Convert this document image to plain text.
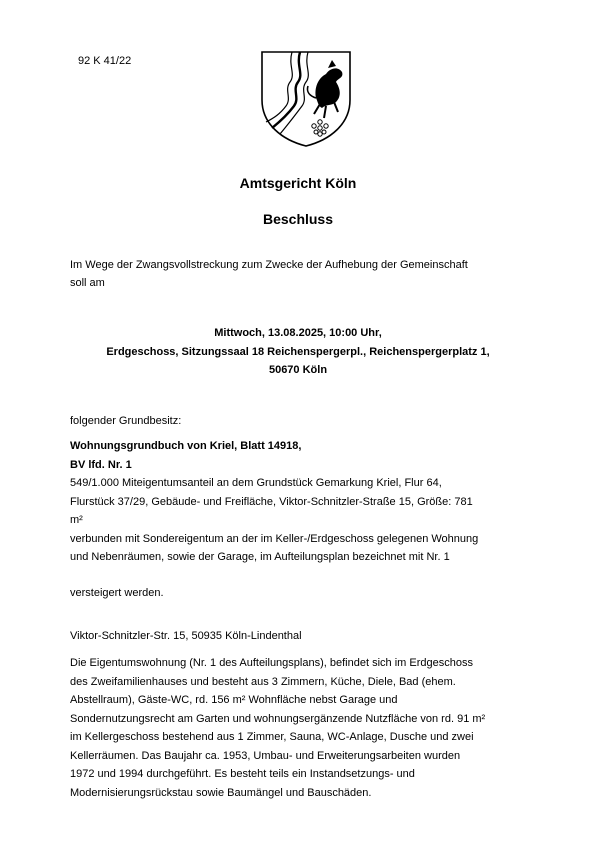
92 K 41/22
Amtsgericht Köln
Beschluss
Im Wege der Zwangsvollstreckung zum Zwecke der Aufhebung der Gemeinschaft
soll am
Mittwoch, 13.08.2025, 10:00 Uhr,
Erdgeschoss, Sitzungssaal 18 Reichenspergerpl., Reichenspergerplatz 1,
50670 Köln
folgender Grundbesitz:
Wohnungsgrundbuch von Kriel, Blatt 14918,
BV lfd. Nr. 1
549/1.000 Miteigentumsanteil an dem Grundstück Gemarkung Kriel, Flur 64,
Flurstück 37/29, Gebäude- und Freifläche, Viktor-Schnitzler-Straße 15, Größe: 781
m²
verbunden mit Sondereigentum an der im Keller-/Erdgeschoss gelegenen Wohnung
und Nebenräumen, sowie der Garage, im Aufteilungsplan bezeichnet mit Nr. 1
versteigert werden.
Viktor-Schnitzler-Str. 15, 50935 Köln-Lindenthal
Die Eigentumswohnung (Nr. 1 des Aufteilungsplans), befindet sich im Erdgeschoss
des Zweifamilienhauses und besteht aus 3 Zimmern, Küche, Diele, Bad (ehem.
Abstellraum), Gäste-WC, rd. 156 m² Wohnfläche nebst Garage und
Sondernutzungsrecht am Garten und wohnungsergänzende Nutzfläche von rd. 91 m²
im Kellergeschoss bestehend aus 1 Zimmer, Sauna, WC-Anlage, Dusche und zwei
Kellerräumen. Das Baujahr ca. 1953, Umbau- und Erweiterungsarbeiten wurden
1972 und 1994 durchgeführt. Es besteht teils ein Instandsetzungs- und
Modernisierungsrückstau sowie Baumängel und Bauschäden.
